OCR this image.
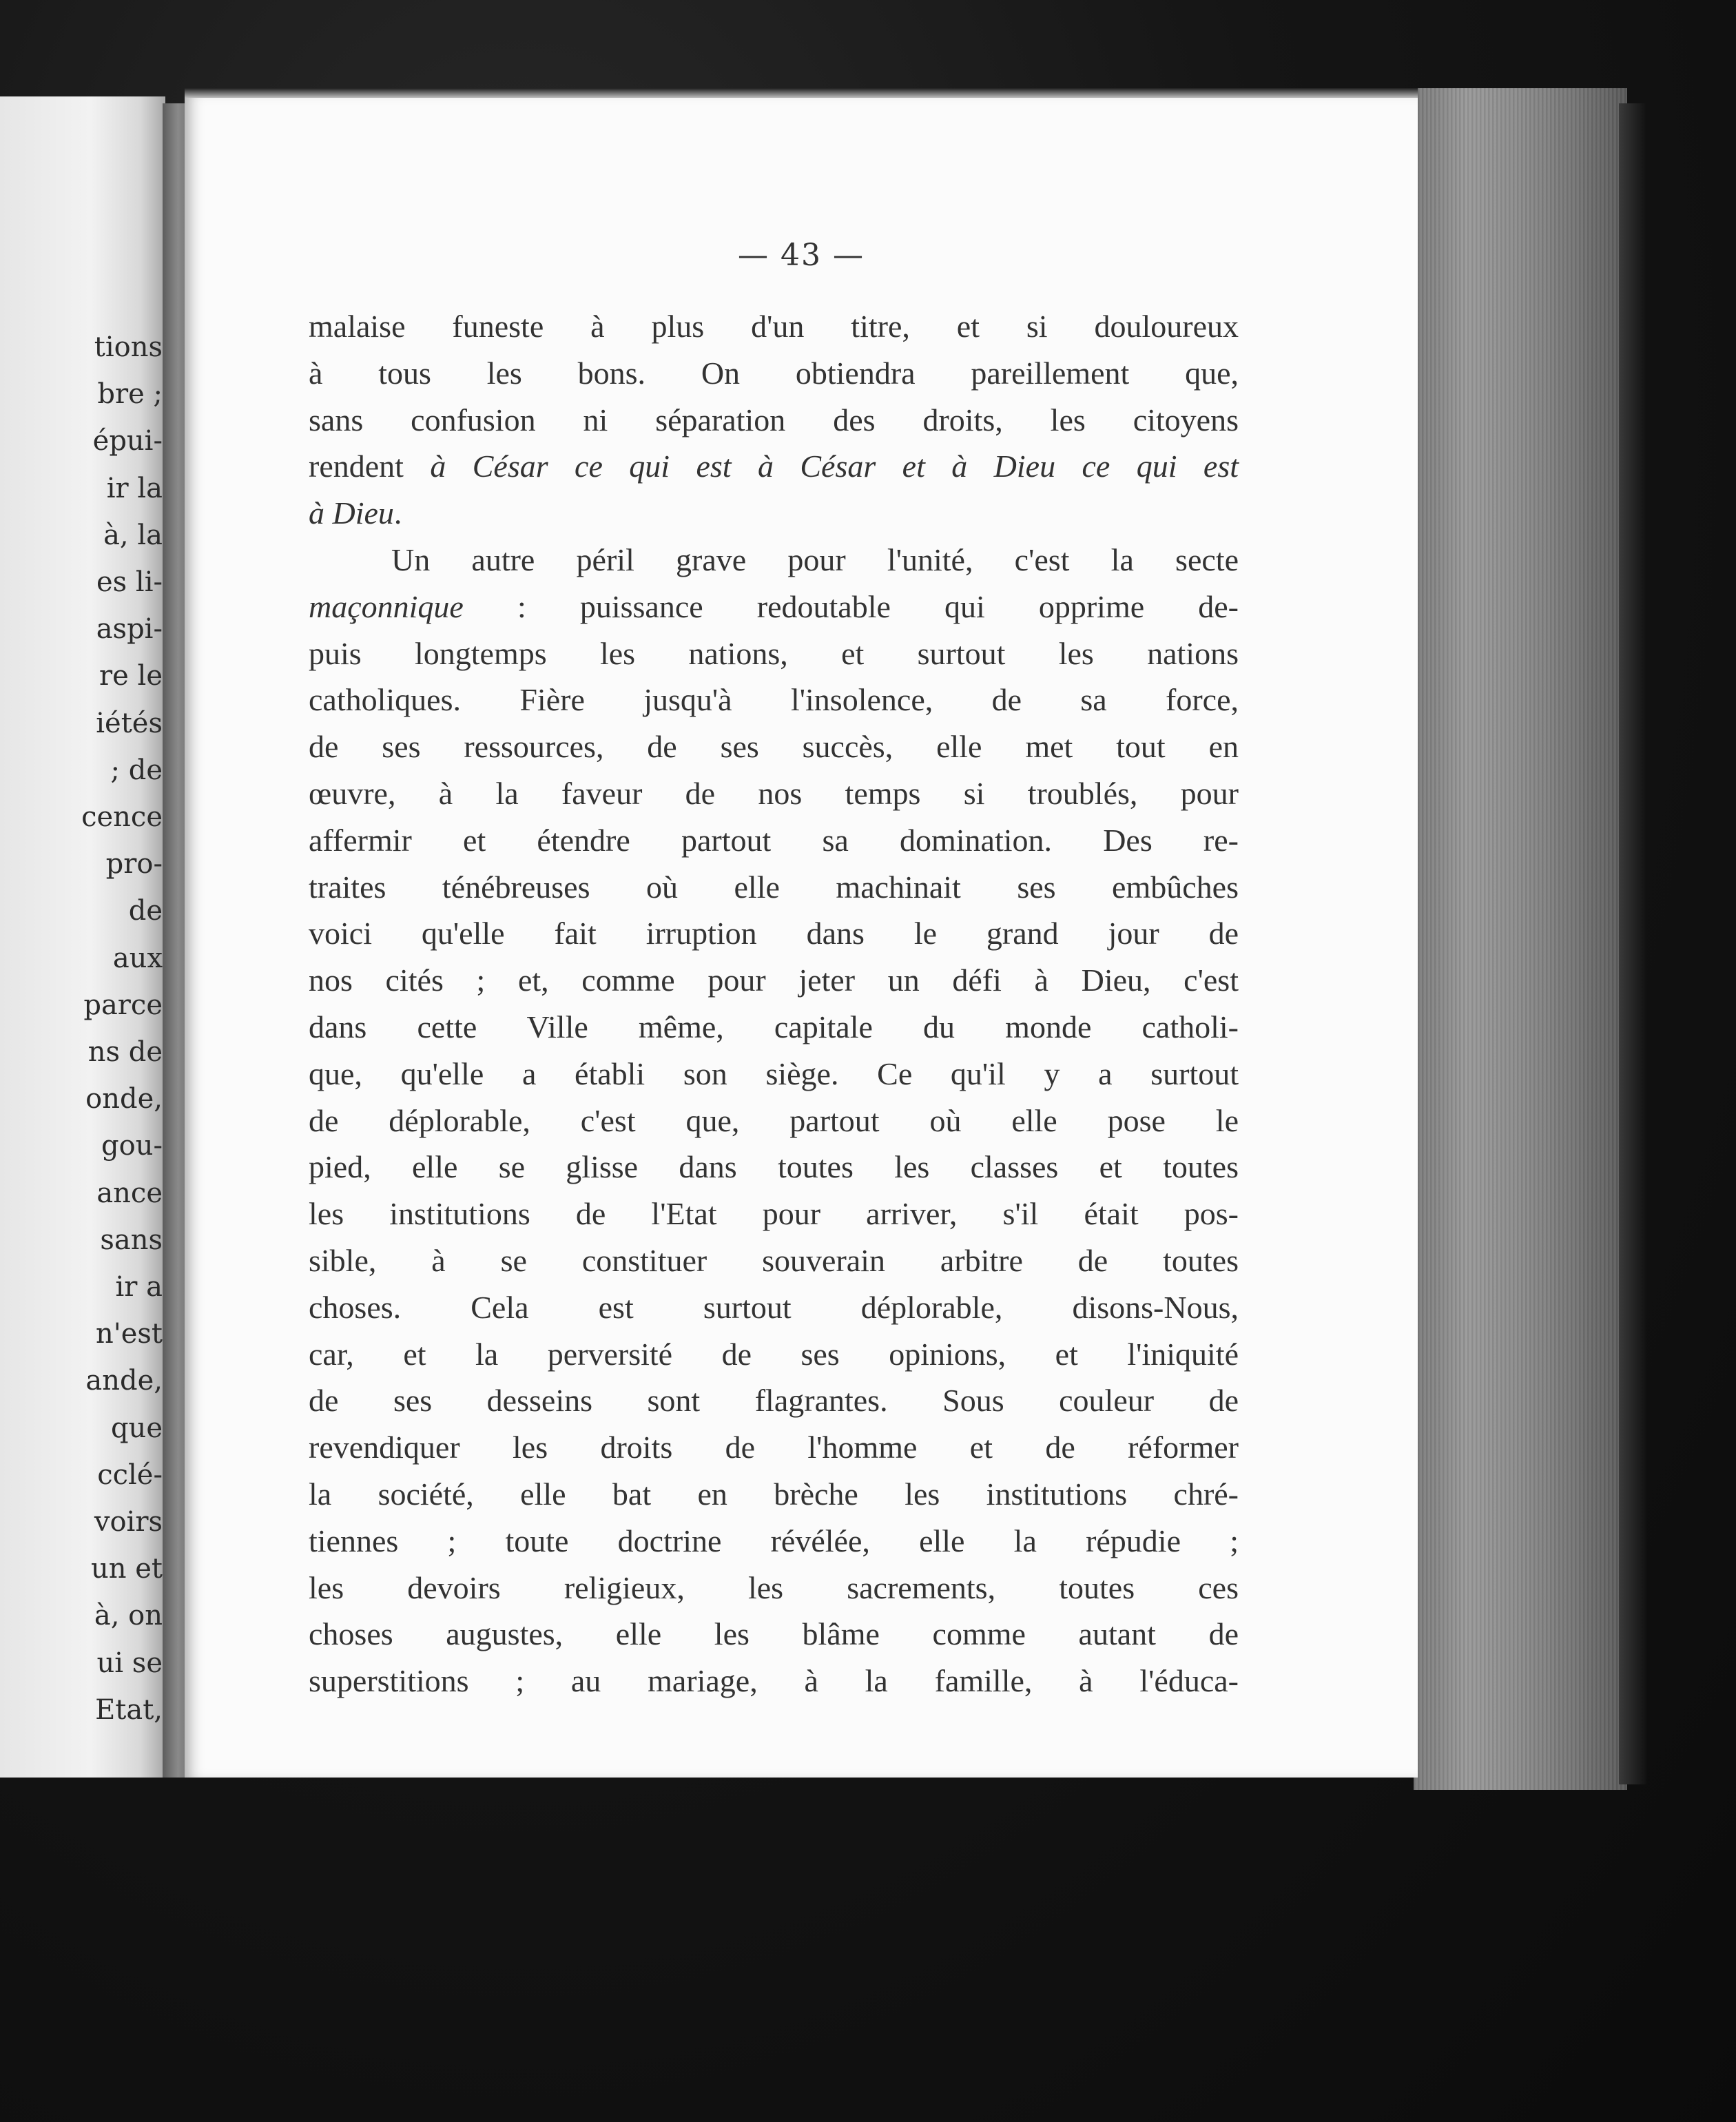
tions
bre ;
épui-
ir la
à, la
es li-
aspi-
re le
iétés
; de
cence
pro-
de
aux
parce
ns de
onde,
gou-
ance
sans
ir a
n'est
ande,
que
cclé-
voirs
un et
à, on
ui se
Etat,
— 43 —
malaise funeste à plus d'un titre, et si douloureux
à tous les bons. On obtiendra pareillement que,
sans confusion ni séparation des droits, les citoyens
rendent à César ce qui est à César et à Dieu ce qui est
à Dieu.
Un autre péril grave pour l'unité, c'est la secte
maçonnique : puissance redoutable qui opprime de-
puis longtemps les nations, et surtout les nations
catholiques. Fière jusqu'à l'insolence, de sa force,
de ses ressources, de ses succès, elle met tout en
œuvre, à la faveur de nos temps si troublés, pour
affermir et étendre partout sa domination. Des re-
traites ténébreuses où elle machinait ses embûches
voici qu'elle fait irruption dans le grand jour de
nos cités ; et, comme pour jeter un défi à Dieu, c'est
dans cette Ville même, capitale du monde catholi-
que, qu'elle a établi son siège. Ce qu'il y a surtout
de déplorable, c'est que, partout où elle pose le
pied, elle se glisse dans toutes les classes et toutes
les institutions de l'Etat pour arriver, s'il était pos-
sible, à se constituer souverain arbitre de toutes
choses. Cela est surtout déplorable, disons-Nous,
car, et la perversité de ses opinions, et l'iniquité
de ses desseins sont flagrantes. Sous couleur de
revendiquer les droits de l'homme et de réformer
la société, elle bat en brèche les institutions chré-
tiennes ; toute doctrine révélée, elle la répudie ;
les devoirs religieux, les sacrements, toutes ces
choses augustes, elle les blâme comme autant de
superstitions ; au mariage, à la famille, à l'éduca-
